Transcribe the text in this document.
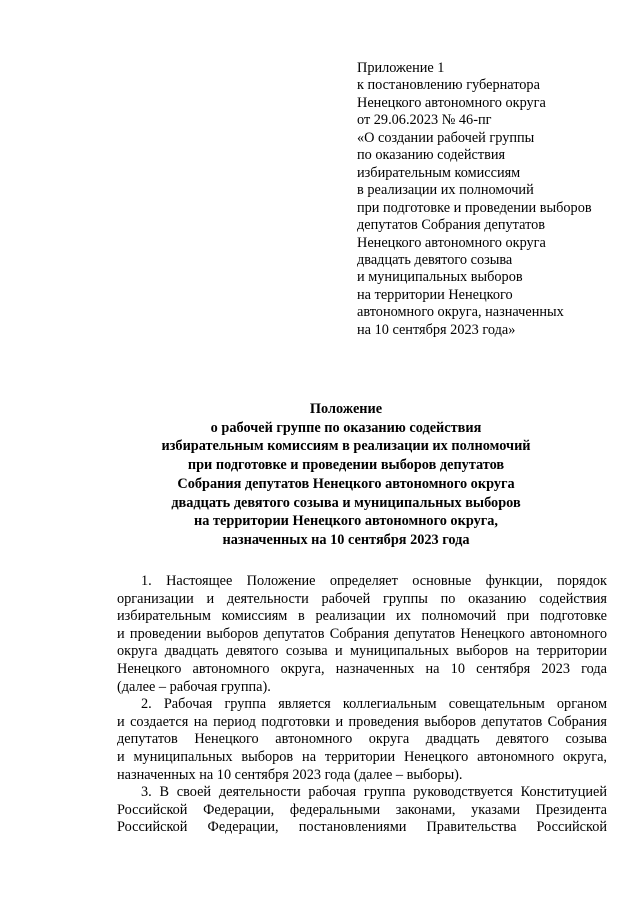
Приложение 1
к постановлению губернатора
Ненецкого автономного округа
от 29.06.2023 № 46-пг
«О создании рабочей группы
по оказанию содействия
избирательным комиссиям
в реализации их полномочий
при подготовке и проведении выборов
депутатов Собрания депутатов
Ненецкого автономного округа
двадцать девятого созыва
и муниципальных выборов
на территории Ненецкого
автономного округа, назначенных
на 10 сентября 2023 года»
Положение
о рабочей группе по оказанию содействия
избирательным комиссиям в реализации их полномочий
при подготовке и проведении выборов депутатов
Собрания депутатов Ненецкого автономного округа
двадцать девятого созыва и муниципальных выборов
на территории Ненецкого автономного округа,
назначенных на 10 сентября 2023 года
1. Настоящее Положение определяет основные функции, порядок
организации и деятельности рабочей группы по оказанию содействия
избирательным комиссиям в реализации их полномочий при подготовке
и проведении выборов депутатов Собрания депутатов Ненецкого автономного
округа двадцать девятого созыва и муниципальных выборов на территории
Ненецкого автономного округа, назначенных на 10 сентября 2023 года
(далее – рабочая группа).
2. Рабочая группа является коллегиальным совещательным органом
и создается на период подготовки и проведения выборов депутатов Собрания
депутатов Ненецкого автономного округа двадцать девятого созыва
и муниципальных выборов на территории Ненецкого автономного округа,
назначенных на 10 сентября 2023 года (далее – выборы).
3. В своей деятельности рабочая группа руководствуется Конституцией
Российской Федерации, федеральными законами, указами Президента
Российской Федерации, постановлениями Правительства Российской
